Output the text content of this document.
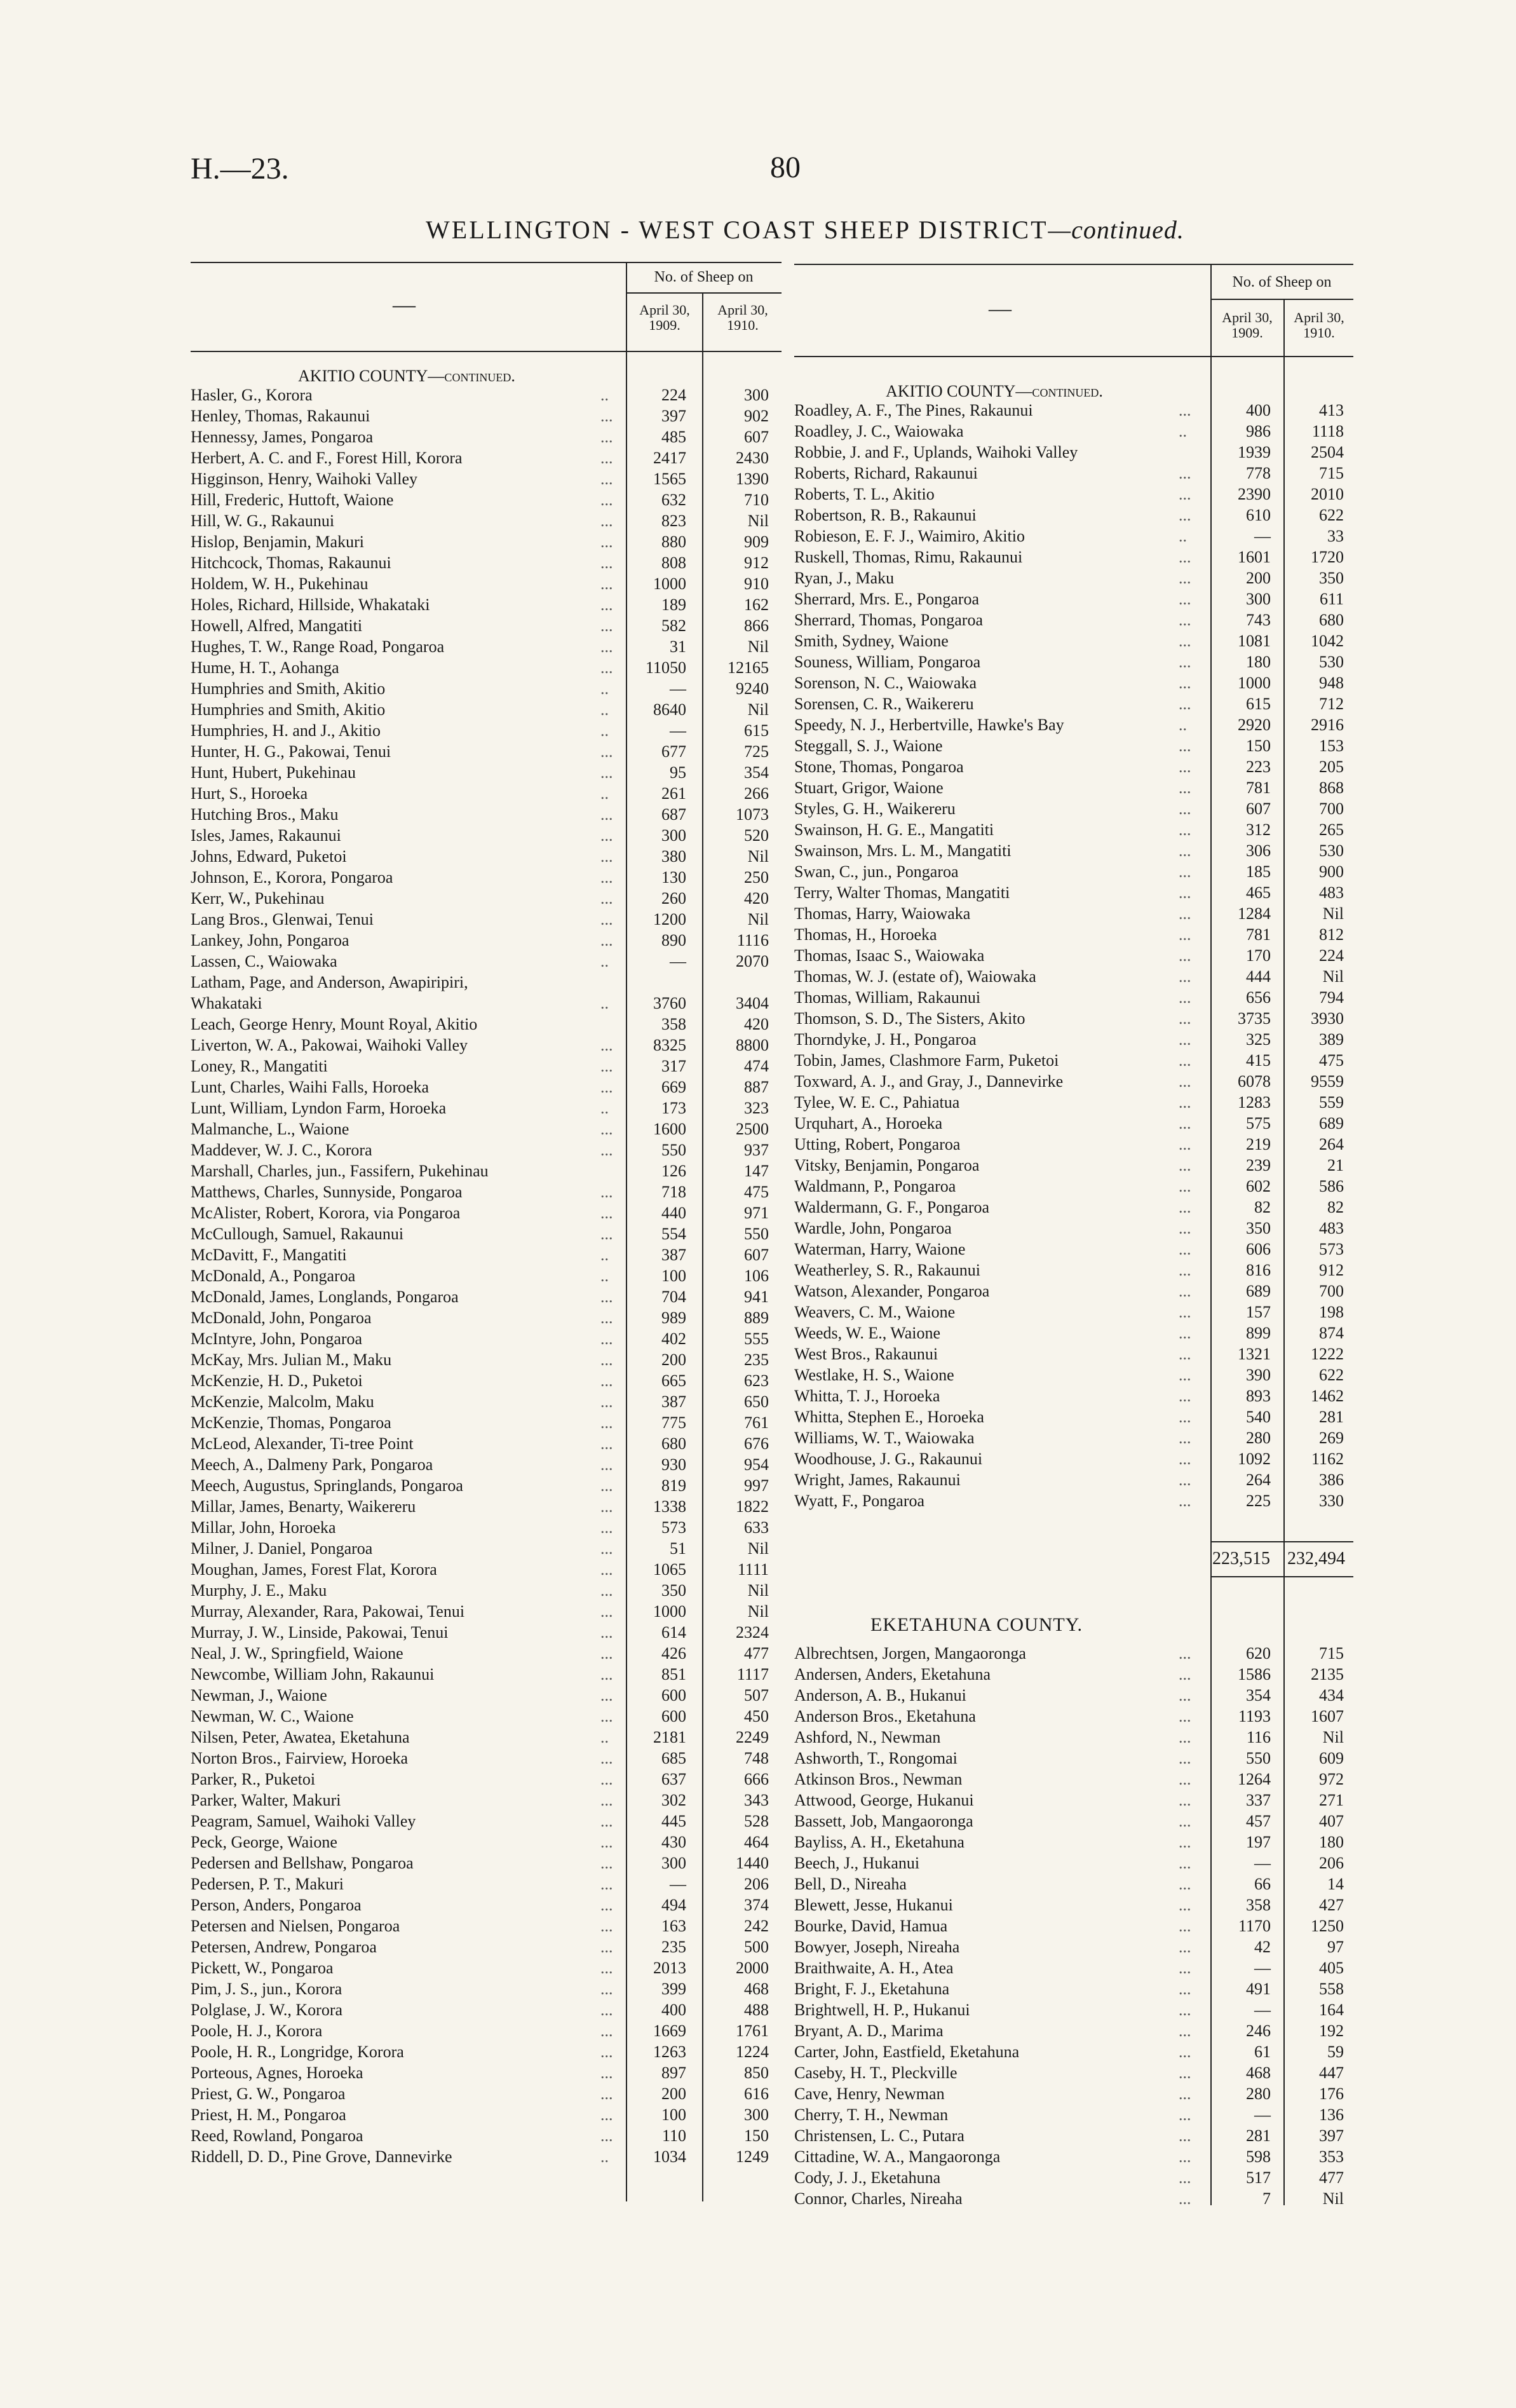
H.—23.	80
WELLINGTON - WEST COAST SHEEP DISTRICT—continued.
No. of Sheep on
April 30, 1909.
April 30, 1910.
—
No. of Sheep on
April 30, 1909.
April 30, 1910.
—
AKITIO COUNTY—continued.
Hasler, G., Korora	..	224	300
Henley, Thomas, Rakaunui	...	397	902
Hennessy, James, Pongaroa	...	485	607
Herbert, A. C. and F., Forest Hill, Korora	...	2417	2430
Higginson, Henry, Waihoki Valley	...	1565	1390
Hill, Frederic, Huttoft, Waione	...	632	710
Hill, W. G., Rakaunui	...	823	Nil
Hislop, Benjamin, Makuri	...	880	909
Hitchcock, Thomas, Rakaunui	...	808	912
Holdem, W. H., Pukehinau	...	1000	910
Holes, Richard, Hillside, Whakataki	...	189	162
Howell, Alfred, Mangatiti	...	582	866
Hughes, T. W., Range Road, Pongaroa	...	31	Nil
Hume, H. T., Aohanga	...	11050	12165
Humphries and Smith, Akitio	..	—	9240
Humphries and Smith, Akitio	..	8640	Nil
Humphries, H. and J., Akitio	..	—	615
Hunter, H. G., Pakowai, Tenui	...	677	725
Hunt, Hubert, Pukehinau	...	95	354
Hurt, S., Horoeka	..	261	266
Hutching Bros., Maku	...	687	1073
Isles, James, Rakaunui	...	300	520
Johns, Edward, Puketoi	...	380	Nil
Johnson, E., Korora, Pongaroa	...	130	250
Kerr, W., Pukehinau	...	260	420
Lang Bros., Glenwai, Tenui	...	1200	Nil
Lankey, John, Pongaroa	...	890	1116
Lassen, C., Waiowaka	..	—	2070
Latham, Page, and Anderson, Awapiripiri,
Whakataki	..	3760	3404
Leach, George Henry, Mount Royal, Akitio	358	420
Liverton, W. A., Pakowai, Waihoki Valley	...	8325	8800
Loney, R., Mangatiti	...	317	474
Lunt, Charles, Waihi Falls, Horoeka	...	669	887
Lunt, William, Lyndon Farm, Horoeka	..	173	323
Malmanche, L., Waione	...	1600	2500
Maddever, W. J. C., Korora	...	550	937
Marshall, Charles, jun., Fassifern, Pukehinau	126	147
Matthews, Charles, Sunnyside, Pongaroa	...	718	475
McAlister, Robert, Korora, via Pongaroa	...	440	971
McCullough, Samuel, Rakaunui	...	554	550
McDavitt, F., Mangatiti	..	387	607
McDonald, A., Pongaroa	..	100	106
McDonald, James, Longlands, Pongaroa	...	704	941
McDonald, John, Pongaroa	...	989	889
McIntyre, John, Pongaroa	...	402	555
McKay, Mrs. Julian M., Maku	...	200	235
McKenzie, H. D., Puketoi	...	665	623
McKenzie, Malcolm, Maku	...	387	650
McKenzie, Thomas, Pongaroa	...	775	761
McLeod, Alexander, Ti-tree Point	...	680	676
Meech, A., Dalmeny Park, Pongaroa	...	930	954
Meech, Augustus, Springlands, Pongaroa	...	819	997
Millar, James, Benarty, Waikereru	...	1338	1822
Millar, John, Horoeka	...	573	633
Milner, J. Daniel, Pongaroa	...	51	Nil
Moughan, James, Forest Flat, Korora	...	1065	1111
Murphy, J. E., Maku	...	350	Nil
Murray, Alexander, Rara, Pakowai, Tenui	...	1000	Nil
Murray, J. W., Linside, Pakowai, Tenui	...	614	2324
Neal, J. W., Springfield, Waione	...	426	477
Newcombe, William John, Rakaunui	...	851	1117
Newman, J., Waione	...	600	507
Newman, W. C., Waione	...	600	450
Nilsen, Peter, Awatea, Eketahuna	..	2181	2249
Norton Bros., Fairview, Horoeka	...	685	748
Parker, R., Puketoi	...	637	666
Parker, Walter, Makuri	...	302	343
Peagram, Samuel, Waihoki Valley	...	445	528
Peck, George, Waione	...	430	464
Pedersen and Bellshaw, Pongaroa	...	300	1440
Pedersen, P. T., Makuri	...	—	206
Person, Anders, Pongaroa	...	494	374
Petersen and Nielsen, Pongaroa	...	163	242
Petersen, Andrew, Pongaroa	...	235	500
Pickett, W., Pongaroa	...	2013	2000
Pim, J. S., jun., Korora	...	399	468
Polglase, J. W., Korora	...	400	488
Poole, H. J., Korora	...	1669	1761
Poole, H. R., Longridge, Korora	...	1263	1224
Porteous, Agnes, Horoeka	...	897	850
Priest, G. W., Pongaroa	...	200	616
Priest, H. M., Pongaroa	...	100	300
Reed, Rowland, Pongaroa	...	110	150
Riddell, D. D., Pine Grove, Dannevirke	..	1034	1249
AKITIO COUNTY—continued.
Roadley, A. F., The Pines, Rakaunui	...	400	413
Roadley, J. C., Waiowaka	..	986	1118
Robbie, J. and F., Uplands, Waihoki Valley	1939	2504
Roberts, Richard, Rakaunui	...	778	715
Roberts, T. L., Akitio	...	2390	2010
Robertson, R. B., Rakaunui	...	610	622
Robieson, E. F. J., Waimiro, Akitio	..	—	33
Ruskell, Thomas, Rimu, Rakaunui	...	1601	1720
Ryan, J., Maku	...	200	350
Sherrard, Mrs. E., Pongaroa	...	300	611
Sherrard, Thomas, Pongaroa	...	743	680
Smith, Sydney, Waione	...	1081	1042
Souness, William, Pongaroa	...	180	530
Sorenson, N. C., Waiowaka	...	1000	948
Sorensen, C. R., Waikereru	...	615	712
Speedy, N. J., Herbertville, Hawke's Bay	..	2920	2916
Steggall, S. J., Waione	...	150	153
Stone, Thomas, Pongaroa	...	223	205
Stuart, Grigor, Waione	...	781	868
Styles, G. H., Waikereru	...	607	700
Swainson, H. G. E., Mangatiti	...	312	265
Swainson, Mrs. L. M., Mangatiti	...	306	530
Swan, C., jun., Pongaroa	...	185	900
Terry, Walter Thomas, Mangatiti	...	465	483
Thomas, Harry, Waiowaka	...	1284	Nil
Thomas, H., Horoeka	...	781	812
Thomas, Isaac S., Waiowaka	...	170	224
Thomas, W. J. (estate of), Waiowaka	...	444	Nil
Thomas, William, Rakaunui	...	656	794
Thomson, S. D., The Sisters, Akito	...	3735	3930
Thorndyke, J. H., Pongaroa	...	325	389
Tobin, James, Clashmore Farm, Puketoi	...	415	475
Toxward, A. J., and Gray, J., Dannevirke	...	6078	9559
Tylee, W. E. C., Pahiatua	...	1283	559
Urquhart, A., Horoeka	...	575	689
Utting, Robert, Pongaroa	...	219	264
Vitsky, Benjamin, Pongaroa	...	239	21
Waldmann, P., Pongaroa	...	602	586
Waldermann, G. F., Pongaroa	...	82	82
Wardle, John, Pongaroa	...	350	483
Waterman, Harry, Waione	...	606	573
Weatherley, S. R., Rakaunui	...	816	912
Watson, Alexander, Pongaroa	...	689	700
Weavers, C. M., Waione	...	157	198
Weeds, W. E., Waione	...	899	874
West Bros., Rakaunui	...	1321	1222
Westlake, H. S., Waione	...	390	622
Whitta, T. J., Horoeka	...	893	1462
Whitta, Stephen E., Horoeka	...	540	281
Williams, W. T., Waiowaka	...	280	269
Woodhouse, J. G., Rakaunui	...	1092	1162
Wright, James, Rakaunui	...	264	386
Wyatt, F., Pongaroa	...	225	330
223,515 232,494
EKETAHUNA COUNTY.
Albrechtsen, Jorgen, Mangaoronga	...	620	715
Andersen, Anders, Eketahuna	...	1586	2135
Anderson, A. B., Hukanui	...	354	434
Anderson Bros., Eketahuna	...	1193	1607
Ashford, N., Newman	...	116	Nil
Ashworth, T., Rongomai	...	550	609
Atkinson Bros., Newman	...	1264	972
Attwood, George, Hukanui	...	337	271
Bassett, Job, Mangaoronga	...	457	407
Bayliss, A. H., Eketahuna	...	197	180
Beech, J., Hukanui	...	—	206
Bell, D., Nireaha	...	66	14
Blewett, Jesse, Hukanui	...	358	427
Bourke, David, Hamua	...	1170	1250
Bowyer, Joseph, Nireaha	...	42	97
Braithwaite, A. H., Atea	...	—	405
Bright, F. J., Eketahuna	...	491	558
Brightwell, H. P., Hukanui	...	—	164
Bryant, A. D., Marima	...	246	192
Carter, John, Eastfield, Eketahuna	...	61	59
Caseby, H. T., Pleckville	...	468	447
Cave, Henry, Newman	...	280	176
Cherry, T. H., Newman	...	—	136
Christensen, L. C., Putara	...	281	397
Cittadine, W. A., Mangaoronga	...	598	353
Cody, J. J., Eketahuna	...	517	477
Connor, Charles, Nireaha	...	7	Nil
